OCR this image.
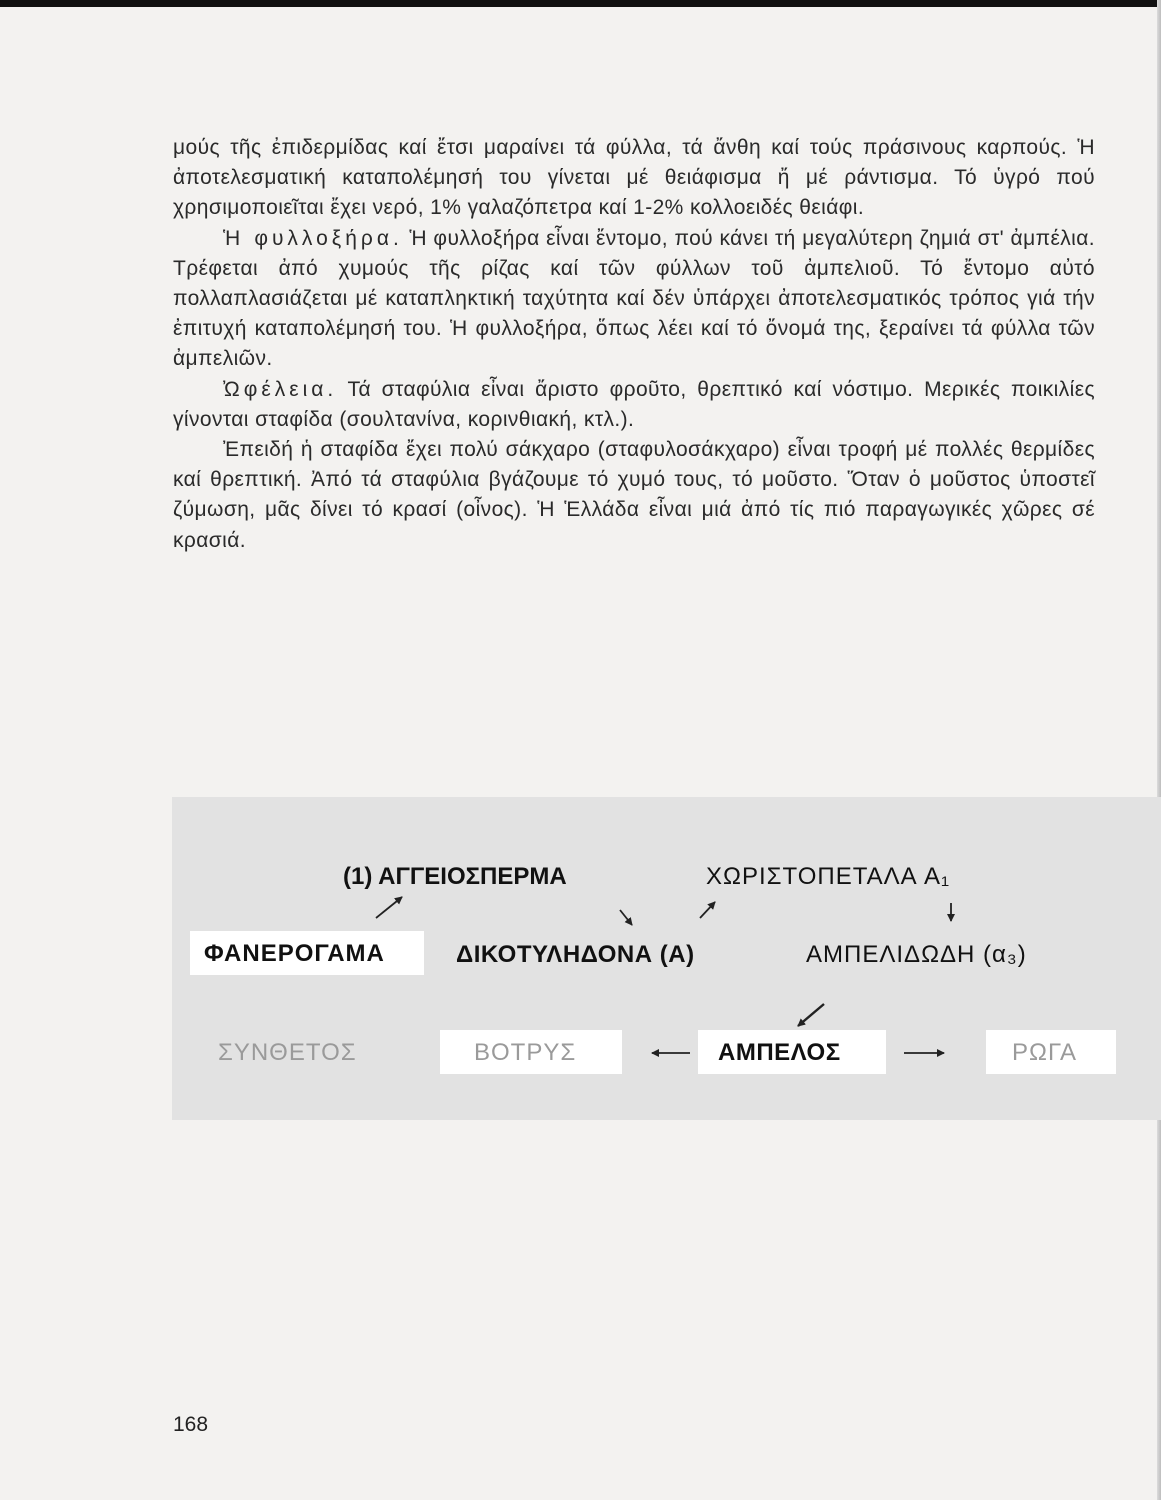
μούς τῆς ἐπιδερμίδας καί ἔτσι μαραίνει τά φύλλα, τά ἄνθη καί τούς πράσινους καρπούς. Ἡ ἀποτελεσματική καταπολέμησή του γίνεται μέ θειάφισμα ἤ μέ ράντισμα. Τό ὑγρό πού χρησιμοποιεῖται ἔχει νερό, 1% γαλαζόπετρα καί 1-2% κολλοειδές θειάφι.

Ἡ φυλλοξήρα. Ἡ φυλλοξήρα εἶναι ἔντομο, πού κάνει τή μεγαλύτερη ζημιά στ' ἀμπέλια. Τρέφεται ἀπό χυμούς τῆς ρίζας καί τῶν φύλλων τοῦ ἀμπελιοῦ. Τό ἔντομο αὐτό πολλαπλασιάζεται μέ καταπληκτική ταχύτητα καί δέν ὑπάρχει ἀποτελεσματικός τρόπος γιά τήν ἐπιτυχή καταπολέμησή του. Ἡ φυλλοξήρα, ὅπως λέει καί τό ὄνομά της, ξεραίνει τά φύλλα τῶν ἀμπελιῶν.

Ὠφέλεια. Τά σταφύλια εἶναι ἄριστο φροῦτο, θρεπτικό καί νόστιμο. Μερικές ποικιλίες γίνονται σταφίδα (σουλτανίνα, κορινθιακή, κτλ.).

Ἐπειδή ἡ σταφίδα ἔχει πολύ σάκχαρο (σταφυλοσάκχαρο) εἶναι τροφή μέ πολλές θερμίδες καί θρεπτική. Ἀπό τά σταφύλια βγάζουμε τό χυμό τους, τό μοῦστο. Ὅταν ὁ μοῦστος ὑποστεῖ ζύμωση, μᾶς δίνει τό κρασί (οἶνος). Ἡ Ἑλλάδα εἶναι μιά ἀπό τίς πιό παραγωγικές χῶρες σέ κρασιά.

(1) ΑΓΓΕΙΟΣΠΕΡΜΑ	ΧΩΡΙΣΤΟΠΕΤΑΛΑ A₁
ΦΑΝΕΡΟΓΑΜΑ	ΔΙΚΟΤΥΛΗΔΟΝΑ (Α)	ΑΜΠΕΛΙΔΩΔΗ (α₃)
ΣΥΝΘΕΤΟΣ	ΒΟΤΡΥΣ	ΑΜΠΕΛΟΣ	ΡΩΓΑ
168
